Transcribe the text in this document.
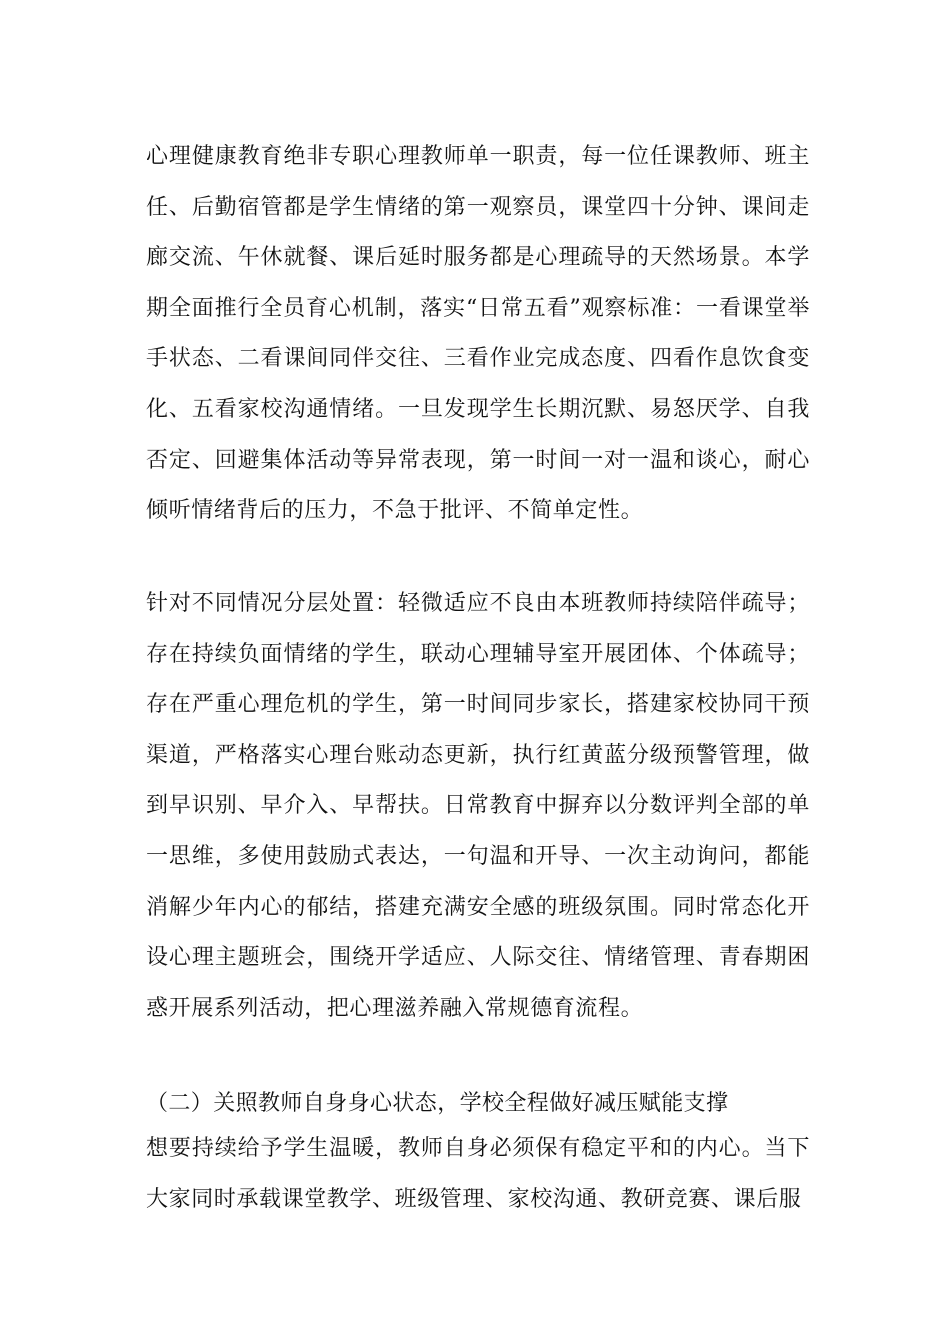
心理健康教育绝非专职心理教师单一职责，每一位任课教师、班主任、后勤宿管都是学生情绪的第一观察员，课堂四十分钟、课间走廊交流、午休就餐、课后延时服务都是心理疏导的天然场景。本学期全面推行全员育心机制，落实“日常五看”观察标准：一看课堂举手状态、二看课间同伴交往、三看作业完成态度、四看作息饮食变化、五看家校沟通情绪。一旦发现学生长期沉默、易怒厌学、自我否定、回避集体活动等异常表现，第一时间一对一温和谈心，耐心倾听情绪背后的压力，不急于批评、不简单定性。

针对不同情况分层处置：轻微适应不良由本班教师持续陪伴疏导；存在持续负面情绪的学生，联动心理辅导室开展团体、个体疏导；存在严重心理危机的学生，第一时间同步家长，搭建家校协同干预渠道，严格落实心理台账动态更新，执行红黄蓝分级预警管理，做到早识别、早介入、早帮扶。日常教育中摒弃以分数评判全部的单一思维，多使用鼓励式表达，一句温和开导、一次主动询问，都能消解少年内心的郁结，搭建充满安全感的班级氛围。同时常态化开设心理主题班会，围绕开学适应、人际交往、情绪管理、青春期困惑开展系列活动，把心理滋养融入常规德育流程。

（二）关照教师自身身心状态，学校全程做好减压赋能支撑

想要持续给予学生温暖，教师自身必须保有稳定平和的内心。当下大家同时承载课堂教学、班级管理、家校沟通、教研竞赛、课后服
